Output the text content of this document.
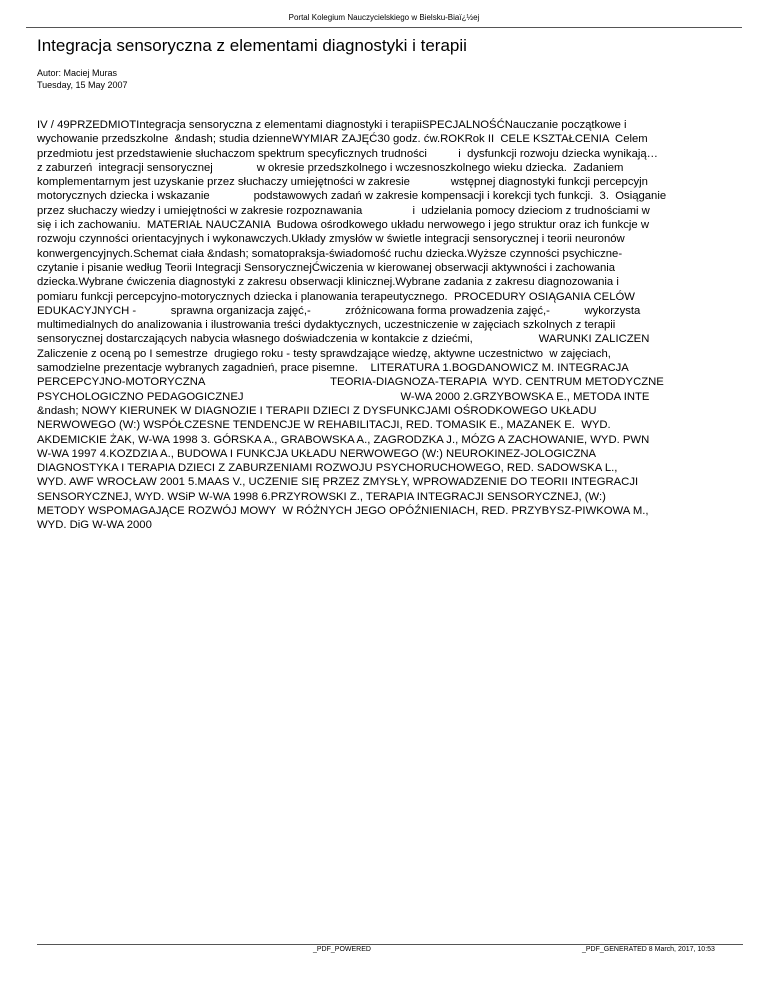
Portal Kolegium Nauczycielskiego w Bielsku-Biaï¿½ej
Integracja sensoryczna z elementami diagnostyki i terapii
Autor: Maciej Muras
Tuesday, 15 May 2007
IV / 49PRZEDMIOTIntegracja sensoryczna z elementami diagnostyki i terapiiSPECJALNOŚĆNauczanie początkowe i
wychowanie przedszkolne  &ndash; studia dzienneWYMIAR ZAJĘĆ30 godz. ćw.ROKRok II  CELE KSZTAŁCENIA  Celem
przedmiotu jest przedstawienie słuchaczom spektrum specyficznych trudności          i  dysfunkcji rozwoju dziecka wynikają…
z zaburzeń  integracji sensorycznej              w okresie przedszkolnego i wczesnoszkolnego wieku dziecka.  Zadaniem
komplementarnym jest uzyskanie przez słuchaczy umiejętności w zakresie             wstępnej diagnostyki funkcji percepcyjn
motorycznych dziecka i wskazanie              podstawowych zadań w zakresie kompensacji i korekcji tych funkcji.  3.  Osiąganie
przez słuchaczy wiedzy i umiejętności w zakresie rozpoznawania                i  udzielania pomocy dzieciom z trudnościami w
się i ich zachowaniu.  MATERIAŁ NAUCZANIA  Budowa ośrodkowego układu nerwowego i jego struktur oraz ich funkcje w
rozwoju czynności orientacyjnych i wykonawczych.Układy zmysłów w świetle integracji sensorycznej i teorii neuronów
konwergencyjnych.Schemat ciała &ndash; somatopraksja-świadomość ruchu dziecka.Wyższe czynności psychiczne-
czytanie i pisanie według Teorii Integracji SensorycznejĆwiczenia w kierowanej obserwacji aktywności i zachowania
dziecka.Wybrane ćwiczenia diagnostyki z zakresu obserwacji klinicznej.Wybrane zadania z zakresu diagnozowania i
pomiaru funkcji percepcyjno-motorycznych dziecka i planowania terapeutycznego.  PROCEDURY OSIĄGANIA CELÓW
EDUKACYJNYCH -           sprawna organizacja zajęć,-           zróżnicowana forma prowadzenia zajęć,-           wykorzysta
multimedialnych do analizowania i ilustrowania treści dydaktycznych, uczestniczenie w zajęciach szkolnych z terapii
sensorycznej dostarczających nabycia własnego doświadczenia w kontakcie z dziećmi,                     WARUNKI ZALICZEN
Zaliczenie z oceną po I semestrze  drugiego roku - testy sprawdzające wiedzę, aktywne uczestnictwo  w zajęciach,
samodzielne prezentacje wybranych zagadnień, prace pisemne.    LITERATURA 1.BOGDANOWICZ M. INTEGRACJA
PERCEPCYJNO-MOTORYCZNA                                        TEORIA-DIAGNOZA-TERAPIA  WYD. CENTRUM METODYCZNE
PSYCHOLOGICZNO PEDAGOGICZNEJ                                                  W-WA 2000 2.GRZYBOWSKA E., METODA INTE
&ndash; NOWY KIERUNEK W DIAGNOZIE I TERAPII DZIECI Z DYSFUNKCJAMI OŚRODKOWEGO UKŁADU
NERWOWEGO (W:) WSPÓŁCZESNE TENDENCJE W REHABILITACJI, RED. TOMASIK E., MAZANEK E.  WYD.
AKDEMICKIE ŻAK, W-WA 1998 3. GÓRSKA A., GRABOWSKA A., ZAGRODZKA J., MÓZG A ZACHOWANIE, WYD. PWN
W-WA 1997 4.KOZDZIA A., BUDOWA I FUNKCJA UKŁADU NERWOWEGO (W:) NEUROKINEZ-JOLOGICZNA
DIAGNOSTYKA I TERAPIA DZIECI Z ZABURZENIAMI ROZWOJU PSYCHORUCHOWEGO, RED. SADOWSKA L.,
WYD. AWF WROCŁAW 2001 5.MAAS V., UCZENIE SIĘ PRZEZ ZMYSŁY, WPROWADZENIE DO TEORII INTEGRACJI
SENSORYCZNEJ, WYD. WSiP W-WA 1998 6.PRZYROWSKI Z., TERAPIA INTEGRACJI SENSORYCZNEJ, (W:)
METODY WSPOMAGAJĄCE ROZWÓJ MOWY  W RÓŻNYCH JEGO OPÓŹNIENIACH, RED. PRZYBYSZ-PIWKOWA M.,
WYD. DiG W-WA 2000
_PDF_POWERED	_PDF_GENERATED 8 March, 2017, 10:53
